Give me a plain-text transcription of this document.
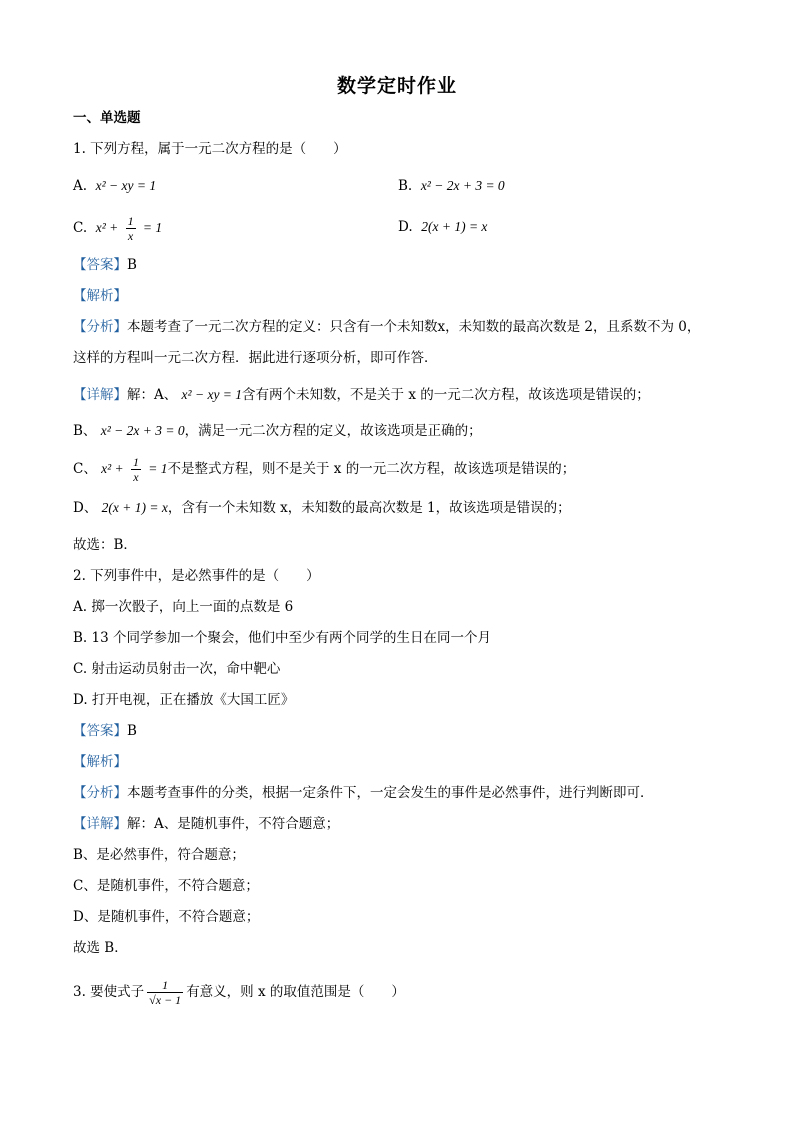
数学定时作业
一、单选题
1. 下列方程，属于一元二次方程的是（　　）
A. x² − xy = 1	B. x² − 2x + 3 = 0
C. $x^2 + \frac{1}{x} = 1$	D. 2(x + 1) = x
【答案】B
【解析】
【分析】本题考查了一元二次方程的定义：只含有一个未知数x，未知数的最高次数是 2，且系数不为 0，
这样的方程叫一元二次方程．据此进行逐项分析，即可作答．
【详解】解：A、 x² − xy = 1含有两个未知数，不是关于 x 的一元二次方程，故该选项是错误的；
B、 x² − 2x + 3 = 0，满足一元二次方程的定义，故该选项是正确的；
C、 $x^2 + \frac{1}{x} = 1$不是整式方程，则不是关于 x 的一元二次方程，故该选项是错误的；
D、 2(x + 1) = x，含有一个未知数 x，未知数的最高次数是 1，故该选项是错误的；
故选：B．
2. 下列事件中，是必然事件的是（　　）
A. 掷一次骰子，向上一面的点数是 6
B. 13 个同学参加一个聚会，他们中至少有两个同学的生日在同一个月
C. 射击运动员射击一次，命中靶心
D. 打开电视，正在播放《大国工匠》
【答案】B
【解析】
【分析】本题考查事件的分类，根据一定条件下，一定会发生的事件是必然事件，进行判断即可．
【详解】解：A、是随机事件，不符合题意；
B、是必然事件，符合题意；
C、是随机事件，不符合题意；
D、是随机事件，不符合题意；
故选 B．
3. 要使式子 $\frac{1}{√x - 1}$ 有意义，则 x 的取值范围是（　　）
